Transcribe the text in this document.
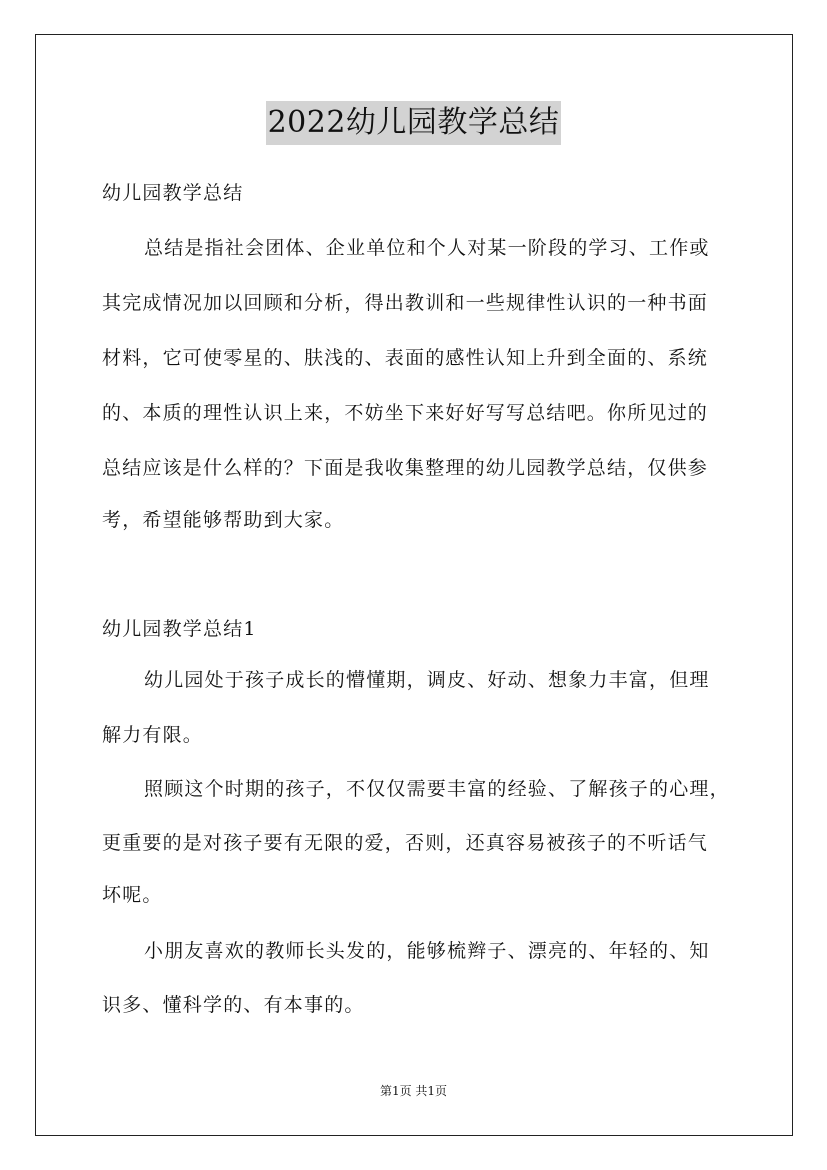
2022幼儿园教学总结
幼儿园教学总结
总结是指社会团体、企业单位和个人对某一阶段的学习、工作或
其完成情况加以回顾和分析，得出教训和一些规律性认识的一种书面
材料，它可使零星的、肤浅的、表面的感性认知上升到全面的、系统
的、本质的理性认识上来，不妨坐下来好好写写总结吧。你所见过的
总结应该是什么样的？下面是我收集整理的幼儿园教学总结，仅供参
考，希望能够帮助到大家。
幼儿园教学总结1
幼儿园处于孩子成长的懵懂期，调皮、好动、想象力丰富，但理
解力有限。
照顾这个时期的孩子，不仅仅需要丰富的经验、了解孩子的心理，
更重要的是对孩子要有无限的爱，否则，还真容易被孩子的不听话气
坏呢。
小朋友喜欢的教师长头发的，能够梳辫子、漂亮的、年轻的、知
识多、懂科学的、有本事的。
第1页 共1页
